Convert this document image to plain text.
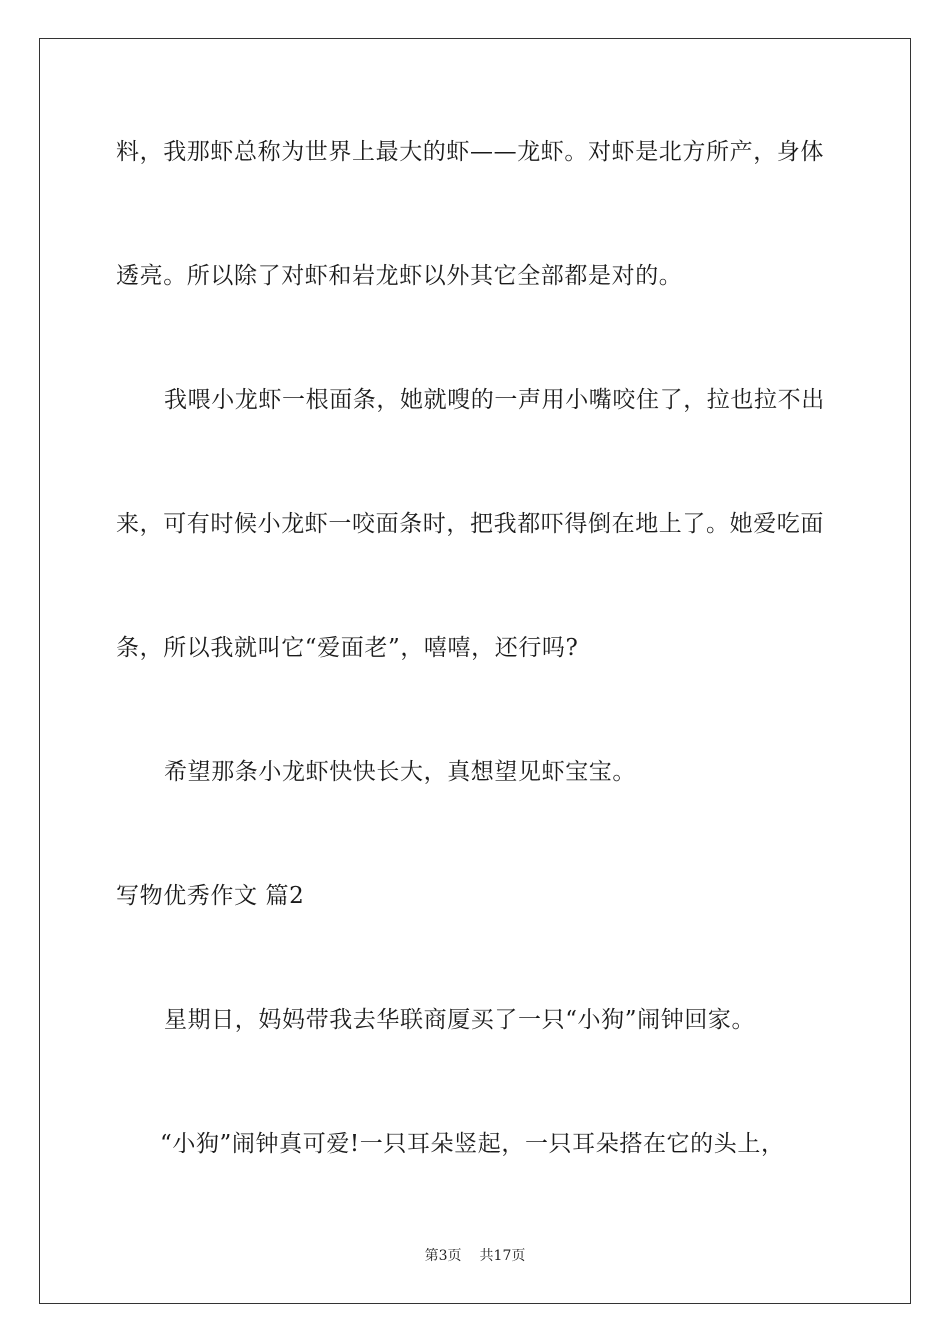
料，我那虾总称为世界上最大的虾——龙虾。对虾是北方所产，身体
透亮。所以除了对虾和岩龙虾以外其它全部都是对的。
我喂小龙虾一根面条，她就嗖的一声用小嘴咬住了，拉也拉不出
来，可有时候小龙虾一咬面条时，把我都吓得倒在地上了。她爱吃面
条，所以我就叫它“爱面老”，嘻嘻，还行吗?
希望那条小龙虾快快长大，真想望见虾宝宝。
写物优秀作文 篇2
星期日，妈妈带我去华联商厦买了一只“小狗”闹钟回家。
“小狗”闹钟真可爱!一只耳朵竖起，一只耳朵搭在它的头上，
第3页 共17页
